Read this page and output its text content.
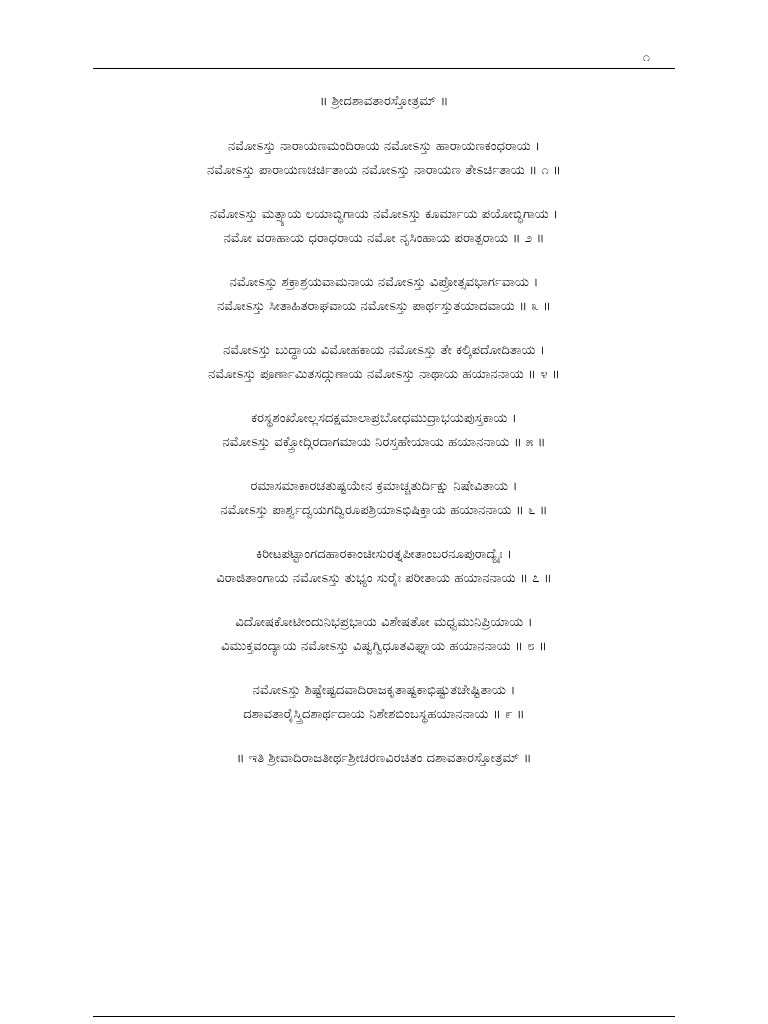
೧

॥ ಶ್ರೀದಶಾವತಾರಸ್ತೋತ್ರಮ್ ॥

ನಮೋಽಸ್ತು ನಾರಾಯಣಮಂದಿರಾಯ ನಮೋಽಸ್ತು ಹಾರಾಯಣಕಂಧರಾಯ ।

ನಮೋಽಸ್ತು ಪಾರಾಯಣಚರ್ಚಿತಾಯ ನಮೋಽಸ್ತು ನಾರಾಯಣ ತೇಽರ್ಚಿತಾಯ ॥ ೧ ॥

ನಮೋಽಸ್ತು ಮತ್ಸ್ಯಾಯ ಲಯಾಬ್ಧಿಗಾಯ ನಮೋಽಸ್ತು ಕೂರ್ಮಾಯ ಪಯೋಬ್ಧಿಗಾಯ ।

ನಮೋ ವರಾಹಾಯ ಧರಾಧರಾಯ ನಮೋ ನೃಸಿಂಹಾಯ ಪರಾತ್ಪರಾಯ ॥ ೨ ॥

ನಮೋಽಸ್ತು ಶಕ್ರಾಶ್ರಯವಾಮನಾಯ ನಮೋಽಸ್ತು ವಿಪ್ರೋತ್ಸವಭಾರ್ಗವಾಯ ।

ನಮೋಽಸ್ತು ಸೀತಾಹಿತರಾಘವಾಯ ನಮೋಽಸ್ತು ಪಾರ್ಥಸ್ತುತಯಾದವಾಯ ॥ ೩ ॥

ನಮೋಽಸ್ತು ಬುದ್ಧಾಯ ವಿಮೋಹಕಾಯ ನಮೋಽಸ್ತು ತೇ ಕಲ್ಕಿಪದೋದಿತಾಯ ।

ನಮೋಽಸ್ತು ಪೂರ್ಣಾಮಿತಸದ್ಗುಣಾಯ ನಮೋಽಸ್ತು ನಾಥಾಯ ಹಯಾನನಾಯ ॥ ೪ ॥

ಕರಸ್ಥಶಂಖೋಲ್ಲಸದಕ್ಷಮಾಲಾಪ್ರಬೋಧಮುದ್ರಾಭಯಪುಸ್ತಕಾಯ ।

ನಮೋಽಸ್ತು ವಕ್ತ್ರೋದ್ಗಿರದಾಗಮಾಯ ನಿರಸ್ತಹೇಯಾಯ ಹಯಾನನಾಯ ॥ ೫ ॥

ರಮಾಸಮಾಕಾರಚತುಷ್ಟಯೇನ ಕ್ರಮಾಚ್ಚತುರ್ದಿಕ್ಷು ನಿಷೇವಿತಾಯ ।

ನಮೋಽಸ್ತು ಪಾರ್ಶ್ವದ್ವಯಗದ್ವಿರೂಪಶ್ರಿಯಾಽಭಿಷಿಕ್ತಾಯ ಹಯಾನನಾಯ ॥ ೬ ॥

ಕಿರೀಟಪಟ್ಟಾಂಗದಹಾರಕಾಂಚೀಸುರತ್ನಪೀತಾಂಬರನೂಪುರಾದ್ಯೈಃ ।

ವಿರಾಜಿತಾಂಗಾಯ ನಮೋಽಸ್ತು ತುಭ್ಯಂ ಸುರೈಃ ಪರೀತಾಯ ಹಯಾನನಾಯ ॥ ೭ ॥

ವಿದೋಷಕೋಟೀಂದುನಿಭಪ್ರಭಾಯ ವಿಶೇಷತೋ ಮಧ್ವಮುನಿಪ್ರಿಯಾಯ ।

ವಿಮುಕ್ತವಂದ್ಯಾಯ ನಮೋಽಸ್ತು ವಿಷ್ವಗ್ವಿಧೂತವಿಘ್ನಾಯ ಹಯಾನನಾಯ ॥ ೮ ॥

ನಮೋಽಸ್ತು ಶಿಷ್ಟೇಷ್ಟದವಾದಿರಾಜಕೃತಾಷ್ಟಕಾಭಿಷ್ಟುತಚೇಷ್ಟಿತಾಯ ।

ದಶಾವತಾರೈಸ್ತ್ರಿದಶಾರ್ಥದಾಯ ನಿಶೇಶಬಿಂಬಸ್ಥಹಯಾನನಾಯ ॥ ೯ ॥

॥ ಇತಿ ಶ್ರೀವಾದಿರಾಜತೀರ್ಥಶ್ರೀಚರಣವಿರಚಿತಂ ದಶಾವತಾರಸ್ತೋತ್ರಮ್ ॥
